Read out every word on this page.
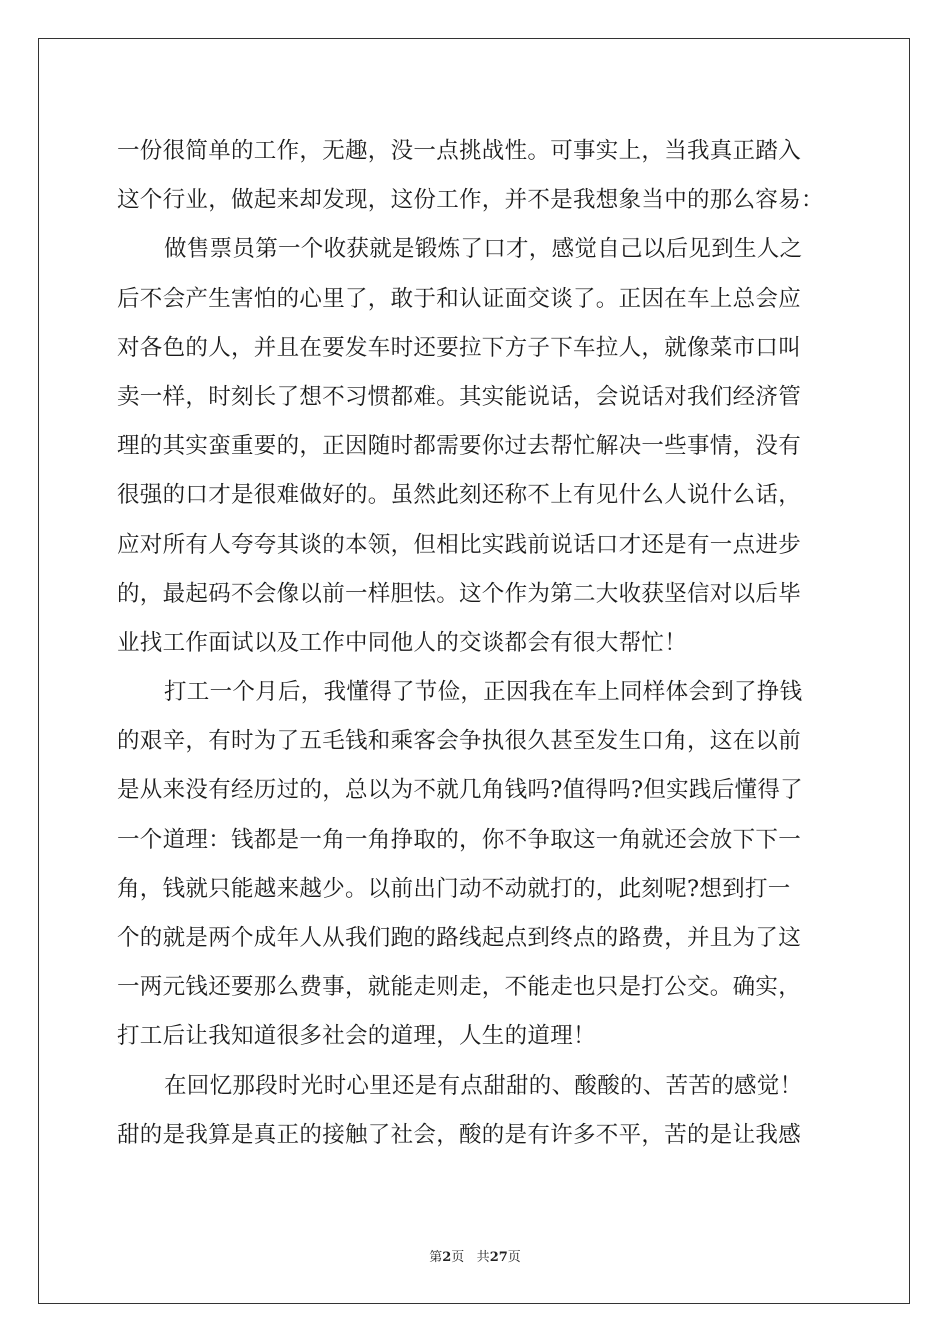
一份很简单的工作，无趣，没一点挑战性。可事实上，当我真正踏入
这个行业，做起来却发现，这份工作，并不是我想象当中的那么容易：
做售票员第一个收获就是锻炼了口才，感觉自己以后见到生人之
后不会产生害怕的心里了，敢于和认证面交谈了。正因在车上总会应
对各色的人，并且在要发车时还要拉下方子下车拉人，就像菜市口叫
卖一样，时刻长了想不习惯都难。其实能说话，会说话对我们经济管
理的其实蛮重要的，正因随时都需要你过去帮忙解决一些事情，没有
很强的口才是很难做好的。虽然此刻还称不上有见什么人说什么话，
应对所有人夸夸其谈的本领，但相比实践前说话口才还是有一点进步
的，最起码不会像以前一样胆怯。这个作为第二大收获坚信对以后毕
业找工作面试以及工作中同他人的交谈都会有很大帮忙！
打工一个月后，我懂得了节俭，正因我在车上同样体会到了挣钱
的艰辛，有时为了五毛钱和乘客会争执很久甚至发生口角，这在以前
是从来没有经历过的，总以为不就几角钱吗?值得吗?但实践后懂得了
一个道理：钱都是一角一角挣取的，你不争取这一角就还会放下下一
角，钱就只能越来越少。以前出门动不动就打的，此刻呢?想到打一
个的就是两个成年人从我们跑的路线起点到终点的路费，并且为了这
一两元钱还要那么费事，就能走则走，不能走也只是打公交。确实，
打工后让我知道很多社会的道理，人生的道理！
在回忆那段时光时心里还是有点甜甜的、酸酸的、苦苦的感觉！
甜的是我算是真正的接触了社会，酸的是有许多不平，苦的是让我感
第2页 共27页
